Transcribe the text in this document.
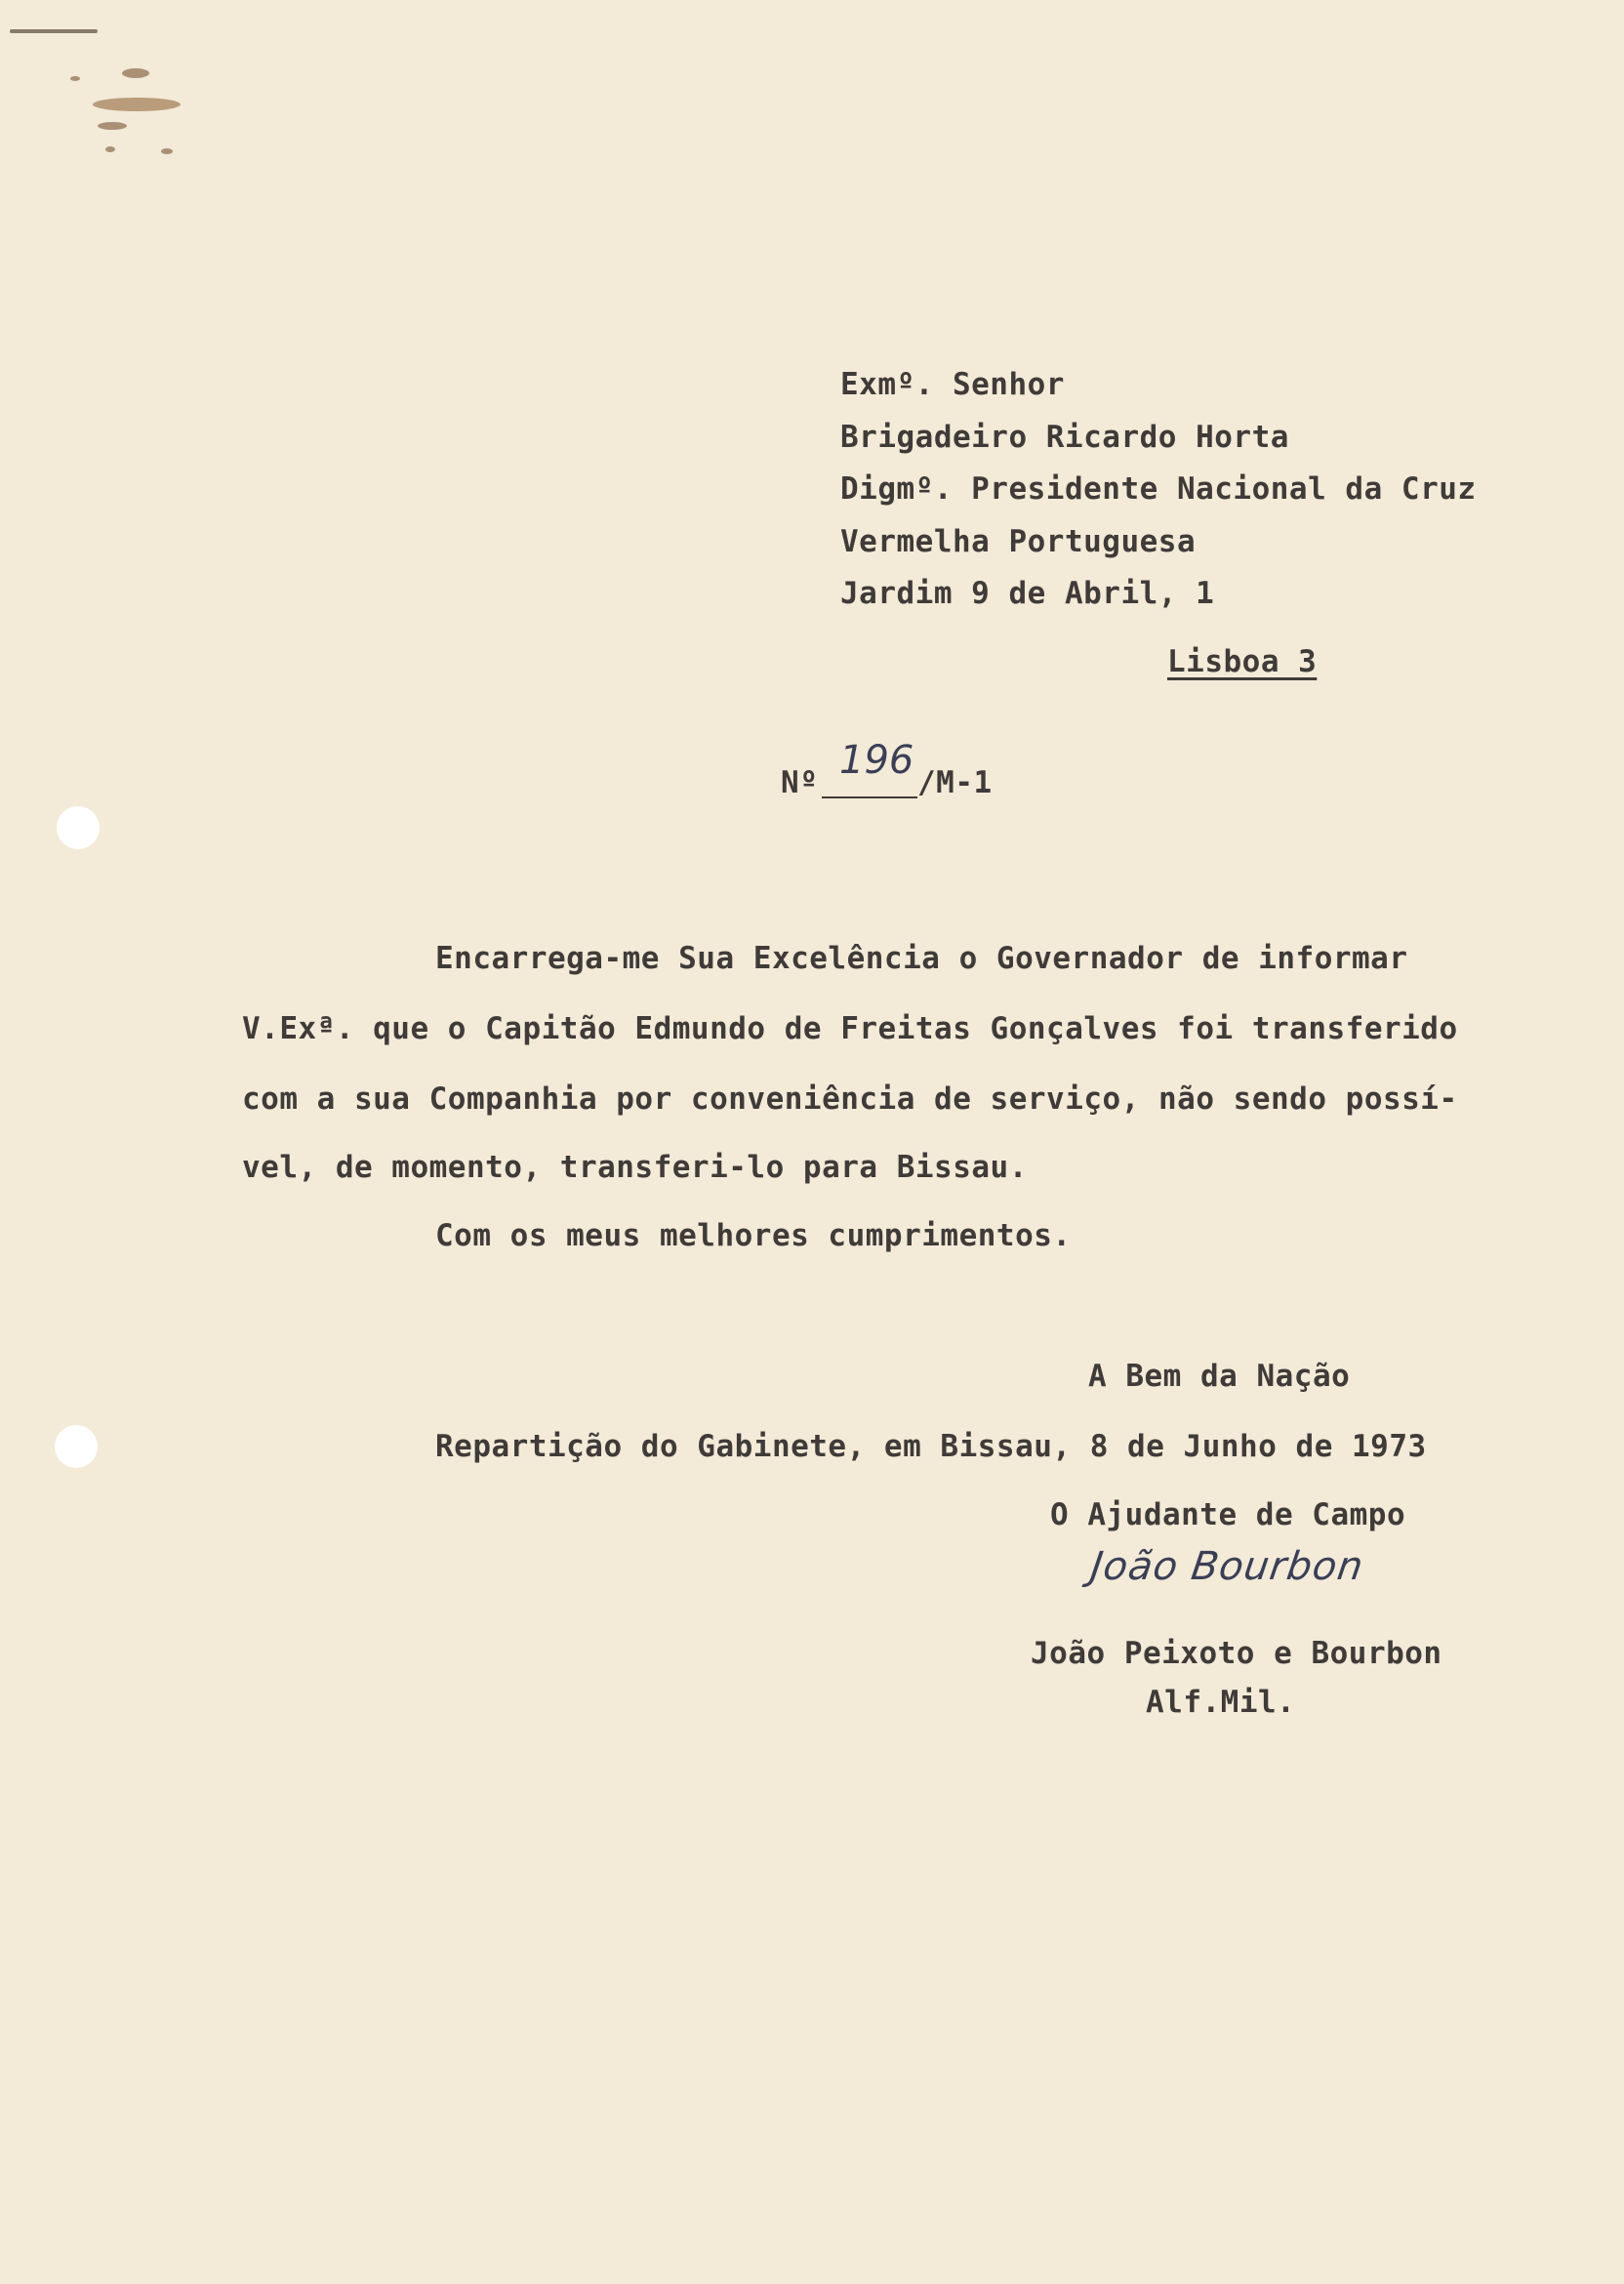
Exmº. Senhor
Brigadeiro Ricardo Horta
Digmº. Presidente Nacional da Cruz
Vermelha Portuguesa
Jardim 9 de Abril, 1
Lisboa 3
Nº 196 /M-1
Encarrega-me Sua Excelência o Governador de informar
V.Exª. que o Capitão Edmundo de Freitas Gonçalves foi transferido
com a sua Companhia por conveniência de serviço, não sendo possí-
vel, de momento, transferi-lo para Bissau.
Com os meus melhores cumprimentos.
A Bem da Nação
Repartição do Gabinete, em Bissau, 8 de Junho de 1973
O Ajudante de Campo
João Bourbon
João Peixoto e Bourbon
Alf.Mil.
